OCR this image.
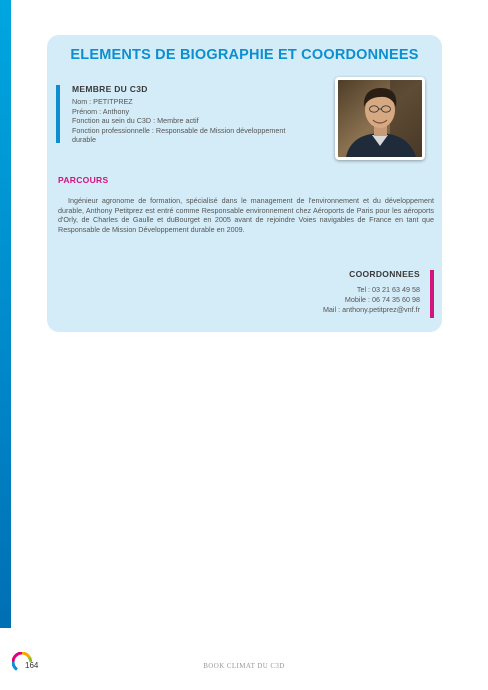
ELEMENTS DE BIOGRAPHIE ET COORDONNEES
MEMBRE DU C3D
Nom : PETITPREZ
Prénom : Anthony
Fonction au sein du C3D : Membre actif
Fonction professionnelle : Responsable de Mission développement
durable
PARCOURS

Ingénieur agronome de formation, spécialisé dans le management de l'environnement et du développement durable, Anthony Petitprez est entré comme Responsable environnement chez Aéroports de Paris pour les aéroports d'Orly, de Charles de Gaulle et duBourget en 2005 avant de rejoindre Voies navigables de France en tant que Responsable de Mission Développement durable en 2009.

COORDONNEES
Tel : 03 21 63 49 58
Mobile : 06 74 35 60 98
Mail : anthony.petitprez@vnf.fr
164	BOOK CLIMAT DU C3D
